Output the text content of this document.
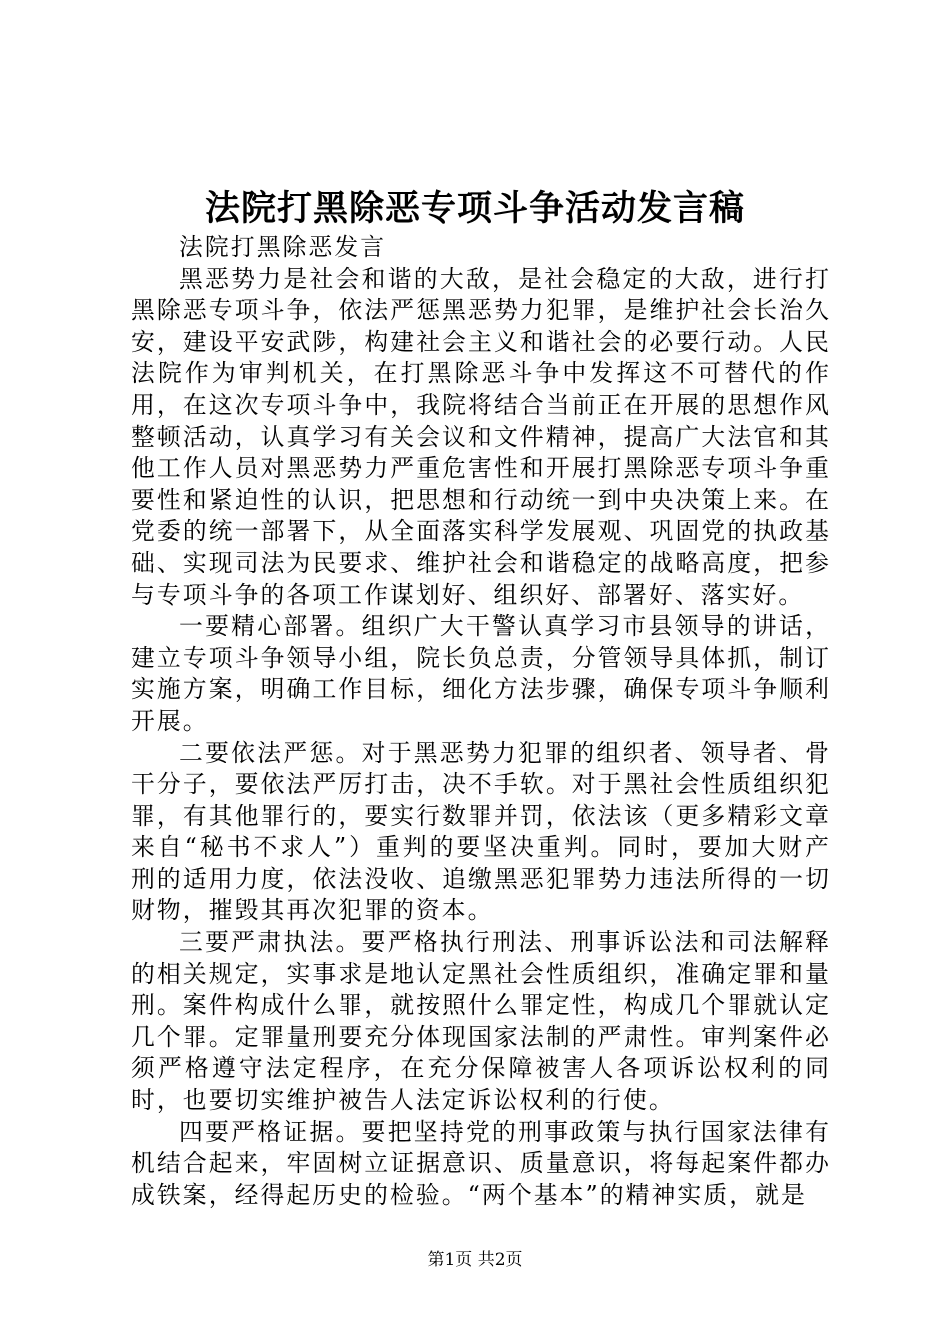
法院打黑除恶专项斗争活动发言稿

法院打黑除恶发言

黑恶势力是社会和谐的大敌，是社会稳定的大敌，进行打黑除恶专项斗争，依法严惩黑恶势力犯罪，是维护社会长治久安，建设平安武陟，构建社会主义和谐社会的必要行动。人民法院作为审判机关，在打黑除恶斗争中发挥这不可替代的作用，在这次专项斗争中，我院将结合当前正在开展的思想作风整顿活动，认真学习有关会议和文件精神，提高广大法官和其他工作人员对黑恶势力严重危害性和开展打黑除恶专项斗争重要性和紧迫性的认识，把思想和行动统一到中央决策上来。在党委的统一部署下，从全面落实科学发展观、巩固党的执政基础、实现司法为民要求、维护社会和谐稳定的战略高度，把参与专项斗争的各项工作谋划好、组织好、部署好、落实好。

一要精心部署。组织广大干警认真学习市县领导的讲话，建立专项斗争领导小组，院长负总责，分管领导具体抓，制订实施方案，明确工作目标，细化方法步骤，确保专项斗争顺利开展。

二要依法严惩。对于黑恶势力犯罪的组织者、领导者、骨干分子，要依法严厉打击，决不手软。对于黑社会性质组织犯罪，有其他罪行的，要实行数罪并罚，依法该（更多精彩文章来自“秘书不求人”）重判的要坚决重判。同时，要加大财产刑的适用力度，依法没收、追缴黑恶犯罪势力违法所得的一切财物，摧毁其再次犯罪的资本。

三要严肃执法。要严格执行刑法、刑事诉讼法和司法解释的相关规定，实事求是地认定黑社会性质组织，准确定罪和量刑。案件构成什么罪，就按照什么罪定性，构成几个罪就认定几个罪。定罪量刑要充分体现国家法制的严肃性。审判案件必须严格遵守法定程序，在充分保障被害人各项诉讼权利的同时，也要切实维护被告人法定诉讼权利的行使。

四要严格证据。要把坚持党的刑事政策与执行国家法律有机结合起来，牢固树立证据意识、质量意识，将每起案件都办成铁案，经得起历史的检验。“两个基本”的精神实质，就是

第1页 共2页
